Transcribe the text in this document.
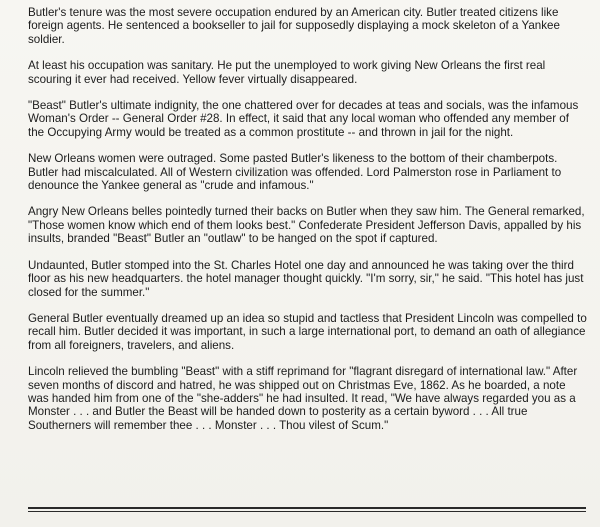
Butler's tenure was the most severe occupation endured by an American city. Butler treated citizens like foreign agents. He sentenced a bookseller to jail for supposedly displaying a mock skeleton of a Yankee soldier.

At least his occupation was sanitary. He put the unemployed to work giving New Orleans the first real scouring it ever had received. Yellow fever virtually disappeared.

"Beast" Butler's ultimate indignity, the one chattered over for decades at teas and socials, was the infamous Woman's Order -- General Order #28. In effect, it said that any local woman who offended any member of the Occupying Army would be treated as a common prostitute -- and thrown in jail for the night.

New Orleans women were outraged. Some pasted Butler's likeness to the bottom of their chamberpots. Butler had miscalculated. All of Western civilization was offended. Lord Palmerston rose in Parliament to denounce the Yankee general as "crude and infamous."

Angry New Orleans belles pointedly turned their backs on Butler when they saw him. The General remarked, "Those women know which end of them looks best." Confederate President Jefferson Davis, appalled by his insults, branded "Beast" Butler an "outlaw" to be hanged on the spot if captured.

Undaunted, Butler stomped into the St. Charles Hotel one day and announced he was taking over the third floor as his new headquarters. the hotel manager thought quickly. "I'm sorry, sir," he said. "This hotel has just closed for the summer."

General Butler eventually dreamed up an idea so stupid and tactless that President Lincoln was compelled to recall him. Butler decided it was important, in such a large international port, to demand an oath of allegiance from all foreigners, travelers, and aliens.

Lincoln relieved the bumbling "Beast" with a stiff reprimand for "flagrant disregard of international law." After seven months of discord and hatred, he was shipped out on Christmas Eve, 1862. As he boarded, a note was handed him from one of the "she-adders" he had insulted. It read, "We have always regarded you as a Monster . . . and Butler the Beast will be handed down to posterity as a certain byword . . . All true Southerners will remember thee . . . Monster . . . Thou vilest of Scum."
